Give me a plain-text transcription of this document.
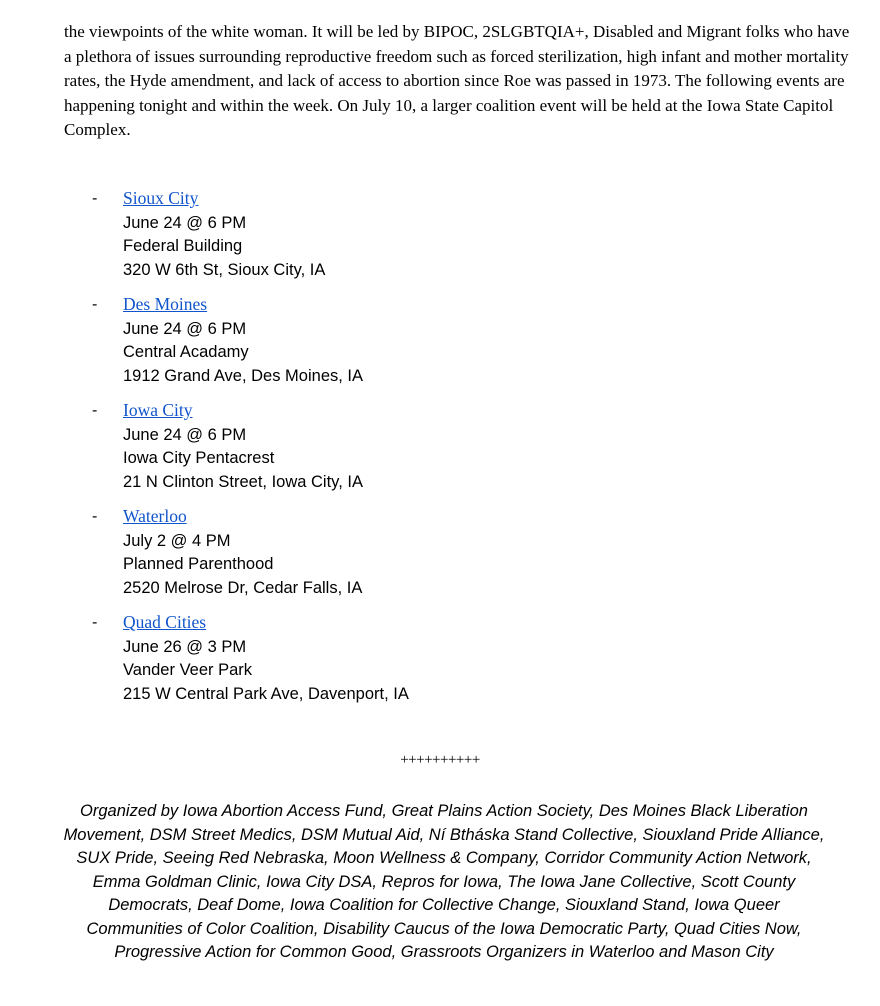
the viewpoints of the white woman. It will be led by BIPOC, 2SLGBTQIA+, Disabled and Migrant folks who have a plethora of issues surrounding reproductive freedom such as forced sterilization, high infant and mother mortality rates, the Hyde amendment, and lack of access to abortion since Roe was passed in 1973. The following events are happening tonight and within the week. On July 10, a larger coalition event will be held at the Iowa State Capitol Complex.

- Sioux City
June 24 @ 6 PM
Federal Building
320 W 6th St, Sioux City, IA
- Des Moines
June 24 @ 6 PM
Central Acadamy
1912 Grand Ave, Des Moines, IA
- Iowa City
June 24 @ 6 PM
Iowa City Pentacrest
21 N Clinton Street, Iowa City, IA
- Waterloo
July 2 @ 4 PM
Planned Parenthood
2520 Melrose Dr, Cedar Falls, IA
- Quad Cities
June 26 @ 3 PM
Vander Veer Park
215 W Central Park Ave, Davenport, IA
++++++++++

Organized by Iowa Abortion Access Fund, Great Plains Action Society, Des Moines Black Liberation Movement, DSM Street Medics, DSM Mutual Aid, Ní Btháska Stand Collective, Siouxland Pride Alliance, SUX Pride, Seeing Red Nebraska, Moon Wellness & Company, Corridor Community Action Network, Emma Goldman Clinic, Iowa City DSA, Repros for Iowa, The Iowa Jane Collective, Scott County Democrats, Deaf Dome, Iowa Coalition for Collective Change, Siouxland Stand, Iowa Queer Communities of Color Coalition, Disability Caucus of the Iowa Democratic Party, Quad Cities Now, Progressive Action for Common Good, Grassroots Organizers in Waterloo and Mason City
